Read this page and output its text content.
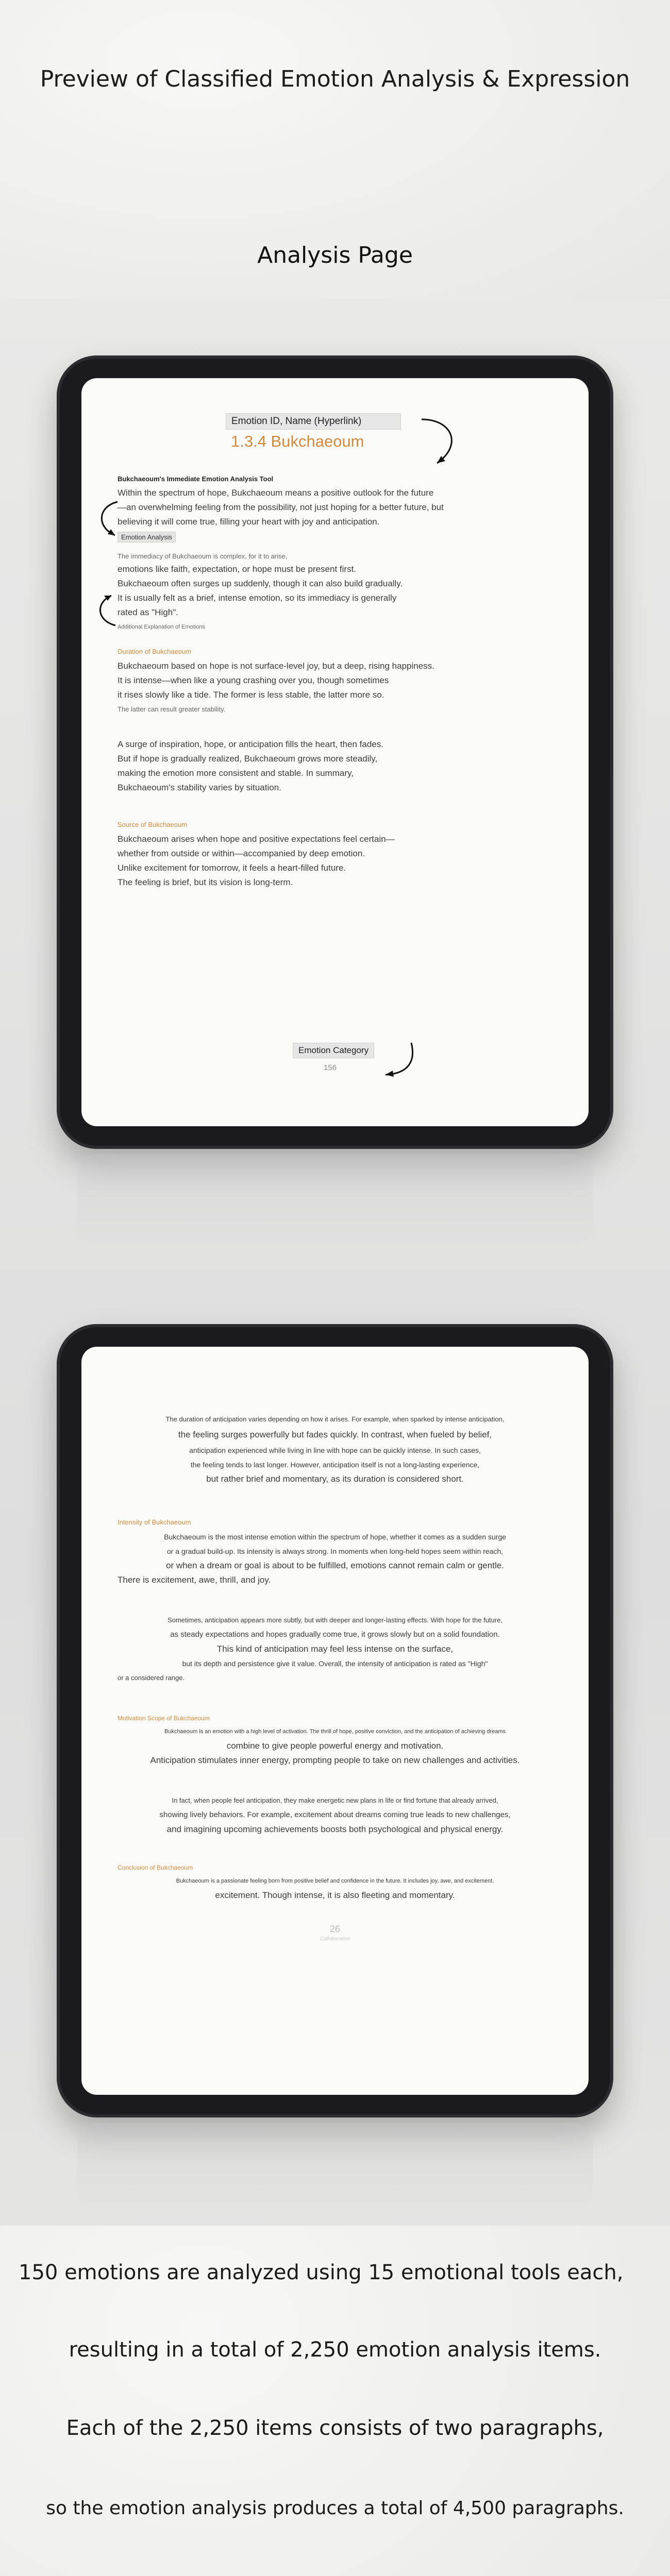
Preview of Classified Emotion Analysis & Expression
Analysis Page
Emotion ID, Name (Hyperlink)
1.3.4 Bukchaeoum
Bukchaeoum's Immediate Emotion Analysis Tool
Within the spectrum of hope, Bukchaeoum means a positive outlook for the future
—an overwhelming feeling from the possibility, not just hoping for a better future, but
believing it will come true, filling your heart with joy and anticipation.
Emotion Analysis
The immediacy of Bukchaeoum is complex, for it to arise,
emotions like faith, expectation, or hope must be present first.
Bukchaeoum often surges up suddenly, though it can also build gradually.
It is usually felt as a brief, intense emotion, so its immediacy is generally
rated as "High".
Additional Explanation of Emotions
Duration of Bukchaeoum
Bukchaeoum based on hope is not surface-level joy, but a deep, rising happiness.
It is intense—when like a young crashing over you, though sometimes
it rises slowly like a tide. The former is less stable, the latter more so.
The latter can result greater stability.
A surge of inspiration, hope, or anticipation fills the heart, then fades.
But if hope is gradually realized, Bukchaeoum grows more steadily,
making the emotion more consistent and stable. In summary,
Bukchaeoum's stability varies by situation.
Source of Bukchaeoum
Bukchaeoum arises when hope and positive expectations feel certain—
whether from outside or within—accompanied by deep emotion.
Unlike excitement for tomorrow, it feels a heart-filled future.
The feeling is brief, but its vision is long-term.
Emotion Category
156
The duration of anticipation varies depending on how it arises. For example, when sparked by intense anticipation,
the feeling surges powerfully but fades quickly. In contrast, when fueled by belief,
anticipation experienced while living in line with hope can be quickly intense. In such cases,
the feeling tends to last longer. However, anticipation itself is not a long-lasting experience,
but rather brief and momentary, as its duration is considered short.
Intensity of Bukchaeoum
Bukchaeoum is the most intense emotion within the spectrum of hope, whether it comes as a sudden surge
or a gradual build-up. Its intensity is always strong. In moments when long-held hopes seem within reach,
or when a dream or goal is about to be fulfilled, emotions cannot remain calm or gentle.
There is excitement, awe, thrill, and joy.
Sometimes, anticipation appears more subtly, but with deeper and longer-lasting effects. With hope for the future,
as steady expectations and hopes gradually come true, it grows slowly but on a solid foundation.
This kind of anticipation may feel less intense on the surface,
but its depth and persistence give it value. Overall, the intensity of anticipation is rated as "High"
or a considered range.
Motivation Scope of Bukchaeoum
Bukchaeoum is an emotion with a high level of activation. The thrill of hope, positive conviction, and the anticipation of achieving dreams
combine to give people powerful energy and motivation.
Anticipation stimulates inner energy, prompting people to take on new challenges and activities.
In fact, when people feel anticipation, they make energetic new plans in life or find fortune that already arrived,
showing lively behaviors. For example, excitement about dreams coming true leads to new challenges,
and imagining upcoming achievements boosts both psychological and physical energy.
Conclusion of Bukchaeoum
Bukchaeoum is a passionate feeling born from positive belief and confidence in the future. It includes joy, awe, and excitement.
excitement. Though intense, it is also fleeting and momentary.
26
Collaborative
150 emotions are analyzed using 15 emotional tools each,
resulting in a total of 2,250 emotion analysis items.
Each of the 2,250 items consists of two paragraphs,
so the emotion analysis produces a total of 4,500 paragraphs.
